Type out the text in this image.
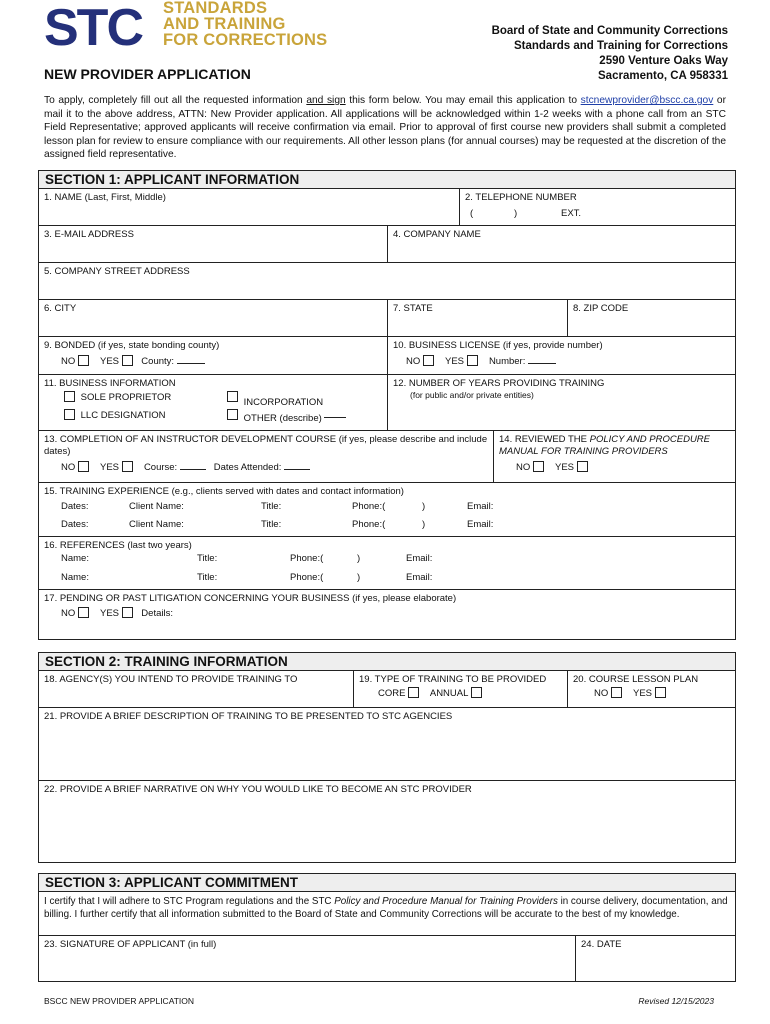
STC STANDARDS
AND TRAINING
FOR CORRECTIONS	Board of State and Community Corrections
Standards and Training for Corrections
2590 Venture Oaks Way
Sacramento, CA 958331
NEW PROVIDER APPLICATION
To apply, completely fill out all the requested information and sign this form below. You may email this application to stcnewprovider@bscc.ca.gov or mail it to the above address, ATTN: New Provider application. All applications will be acknowledged within 1-2 weeks with a phone call from an STC Field Representative; approved applicants will receive confirmation via email. Prior to approval of first course new providers shall submit a completed lesson plan for review to ensure compliance with our requirements. All other lesson plans (for annual courses) may be requested at the discretion of the assigned field representative.
SECTION 1: APPLICANT INFORMATION
1. NAME (Last, First, Middle)	2. TELEPHONE NUMBER
(	)	EXT.
3. E-MAIL ADDRESS	4. COMPANY NAME
5. COMPANY STREET ADDRESS
6. CITY	7. STATE	8. ZIP CODE
9. BONDED (if yes, state bonding county)
NO	YES County:
10. BUSINESS LICENSE (if yes, provide number)
NO	YES	Number:
11. BUSINESS INFORMATION
SOLE PROPRIETOR
LLC DESIGNATION
INCORPORATION
OTHER (describe)
12. NUMBER OF YEARS PROVIDING TRAINING
(for public and/or private entities)
13. COMPLETION OF AN INSTRUCTOR DEVELOPMENT COURSE (if yes, please describe and include dates)
NO	YES	Course:	Dates Attended:
14. REVIEWED THE POLICY AND PROCEDURE MANUAL FOR TRAINING PROVIDERS
NO	YES
15. TRAINING EXPERIENCE (e.g., clients served with dates and contact information)
Dates:	Client Name:	Title:	Phone:(	)	Email:
Dates:	Client Name:	Title:	Phone:(	)	Email:
16. REFERENCES (last two years)
Name:	Title:	Phone:(	)	Email:
Name:	Title:	Phone:(	)	Email:
17. PENDING OR PAST LITIGATION CONCERNING YOUR BUSINESS (if yes, please elaborate)
NO	YES Details:
SECTION 2: TRAINING INFORMATION
18. AGENCY(S) YOU INTEND TO PROVIDE TRAINING TO	19. TYPE OF TRAINING TO BE PROVIDED
CORE	ANNUAL
20. COURSE LESSON PLAN
NO	YES
21. PROVIDE A BRIEF DESCRIPTION OF TRAINING TO BE PRESENTED TO STC AGENCIES
22. PROVIDE A BRIEF NARRATIVE ON WHY YOU WOULD LIKE TO BECOME AN STC PROVIDER
SECTION 3: APPLICANT COMMITMENT
I certify that I will adhere to STC Program regulations and the STC Policy and Procedure Manual for Training Providers in course delivery, documentation, and billing. I further certify that all information submitted to the Board of State and Community Corrections will be accurate to the best of my knowledge.
23. SIGNATURE OF APPLICANT (in full)	24. DATE
BSCC NEW PROVIDER APPLICATION	Revised 12/15/2023
